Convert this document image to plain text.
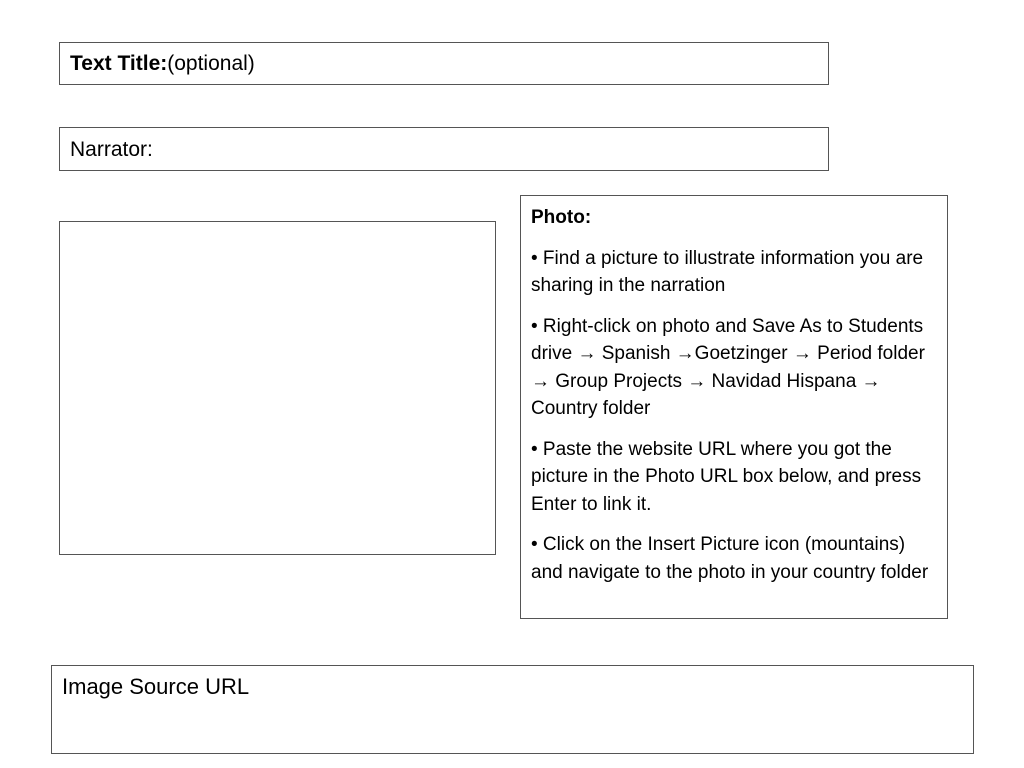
Text Title:(optional)
Narrator:
Photo:
• Find a picture to illustrate information you are sharing in the narration
• Right-click on photo and Save As to Students drive → Spanish →Goetzinger → Period folder → Group Projects → Navidad Hispana → Country folder
• Paste the website URL where you got the picture in the Photo URL box below, and press Enter to link it.
• Click on the Insert Picture icon (mountains) and navigate to the photo in your country folder
Image Source URL
